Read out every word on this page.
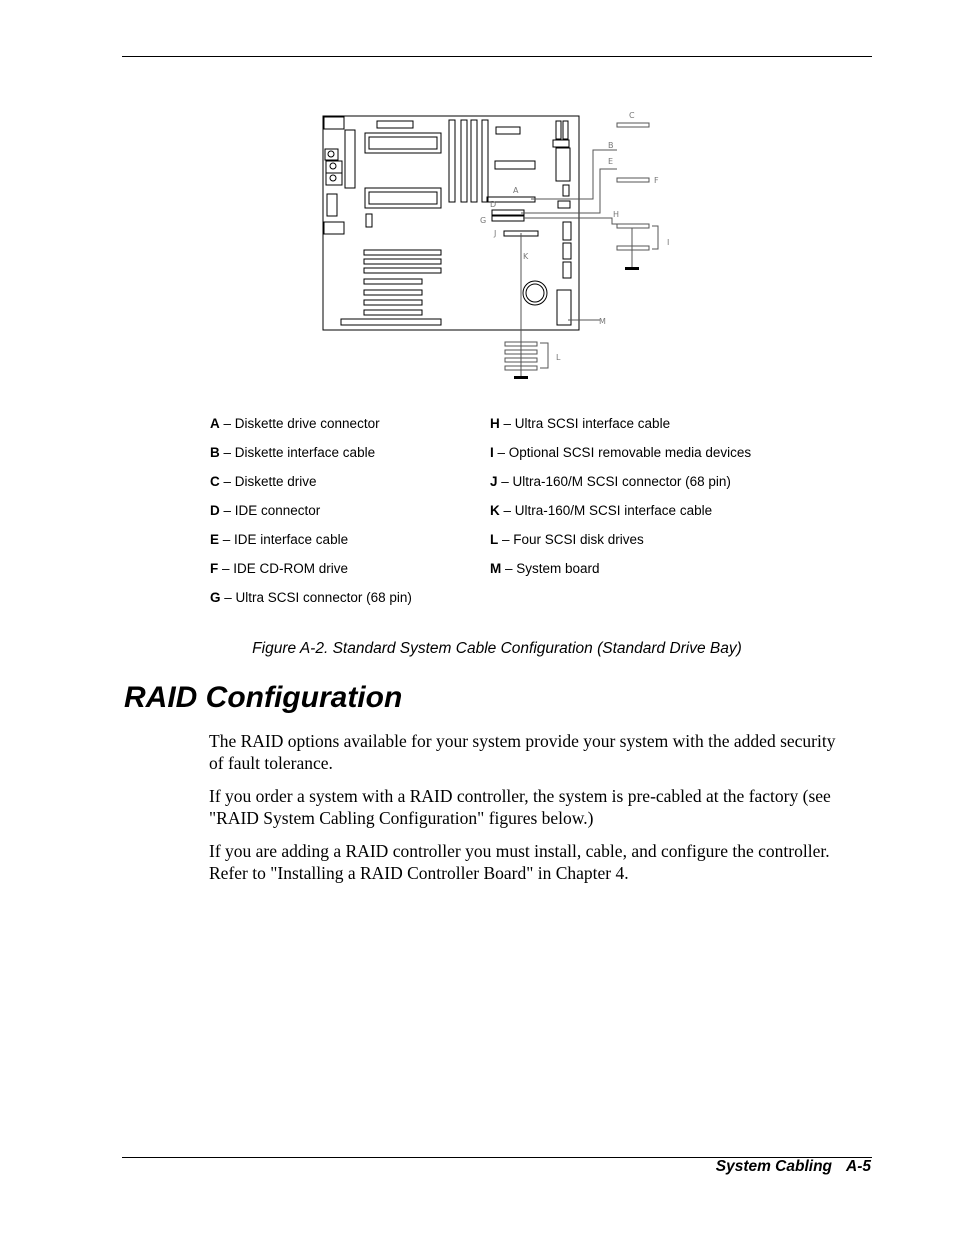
C
B
E
F
A
D
H
G
J
I
K
M
L
A – Diskette drive connector
B – Diskette interface cable
C – Diskette drive
D – IDE connector
E – IDE interface cable
F – IDE CD-ROM drive
G – Ultra SCSI connector (68 pin)
H – Ultra SCSI interface cable
I – Optional SCSI removable media devices
J – Ultra-160/M SCSI connector (68 pin)
K – Ultra-160/M SCSI interface cable
L – Four SCSI disk drives
M – System board
Figure A-2. Standard System Cable Configuration (Standard Drive Bay)
RAID Configuration

The RAID options available for your system provide your system with the added security of fault tolerance.

If you order a system with a RAID controller, the system is pre-cabled at the factory (see "RAID System Cabling Configuration" figures below.)

If you are adding a RAID controller you must install, cable, and configure the controller. Refer to "Installing a RAID Controller Board" in Chapter 4.

System Cabling A-5
